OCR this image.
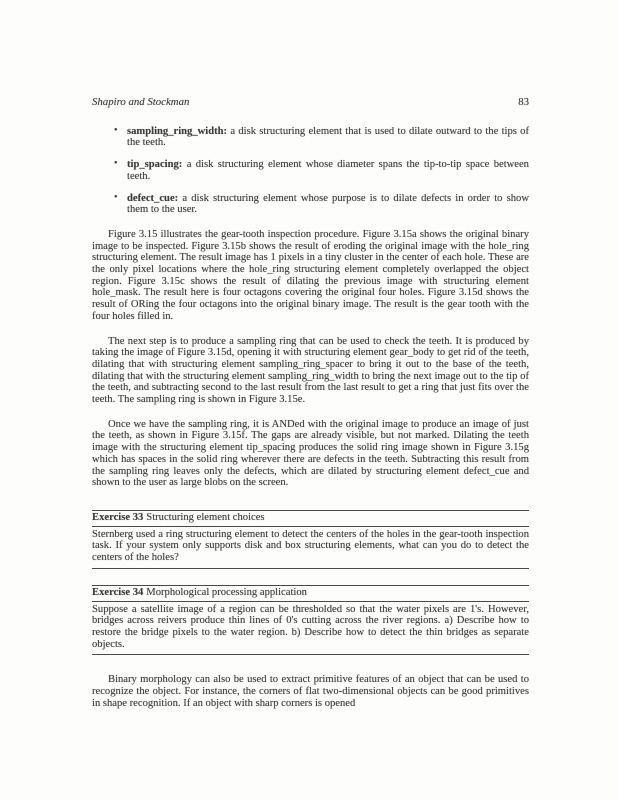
Shapiro and Stockman	83
• sampling_ring_width: a disk structuring element that is used to dilate outward to the tips of the teeth.
• tip_spacing: a disk structuring element whose diameter spans the tip-to-tip space between teeth.
• defect_cue: a disk structuring element whose purpose is to dilate defects in order to show them to the user.

Figure 3.15 illustrates the gear-tooth inspection procedure. Figure 3.15a shows the original binary image to be inspected. Figure 3.15b shows the result of eroding the original image with the hole_ring structuring element. The result image has 1 pixels in a tiny cluster in the center of each hole. These are the only pixel locations where the hole_ring structuring element completely overlapped the object region. Figure 3.15c shows the result of dilating the previous image with structuring element hole_mask. The result here is four octagons covering the original four holes. Figure 3.15d shows the result of ORing the four octagons into the original binary image. The result is the gear tooth with the four holes filled in.

The next step is to produce a sampling ring that can be used to check the teeth. It is produced by taking the image of Figure 3.15d, opening it with structuring element gear_body to get rid of the teeth, dilating that with structuring element sampling_ring_spacer to bring it out to the base of the teeth, dilating that with the structuring element sampling_ring_width to bring the next image out to the tip of the teeth, and subtracting second to the last result from the last result to get a ring that just fits over the teeth. The sampling ring is shown in Figure 3.15e.

Once we have the sampling ring, it is ANDed with the original image to produce an image of just the teeth, as shown in Figure 3.15f. The gaps are already visible, but not marked. Dilating the teeth image with the structuring element tip_spacing produces the solid ring image shown in Figure 3.15g which has spaces in the solid ring wherever there are defects in the teeth. Subtracting this result from the sampling ring leaves only the defects, which are dilated by structuring element defect_cue and shown to the user as large blobs on the screen.

Exercise 33 Structuring element choices
Sternberg used a ring structuring element to detect the centers of the holes in the gear-tooth inspection task. If your system only supports disk and box structuring elements, what can you do to detect the centers of the holes?
Exercise 34 Morphological processing application
Suppose a satellite image of a region can be thresholded so that the water pixels are 1's. However, bridges across reivers produce thin lines of 0's cutting across the river regions. a) Describe how to restore the bridge pixels to the water region. b) Describe how to detect the thin bridges as separate objects.

Binary morphology can also be used to extract primitive features of an object that can be used to recognize the object. For instance, the corners of flat two-dimensional objects can be good primitives in shape recognition. If an object with sharp corners is opened
